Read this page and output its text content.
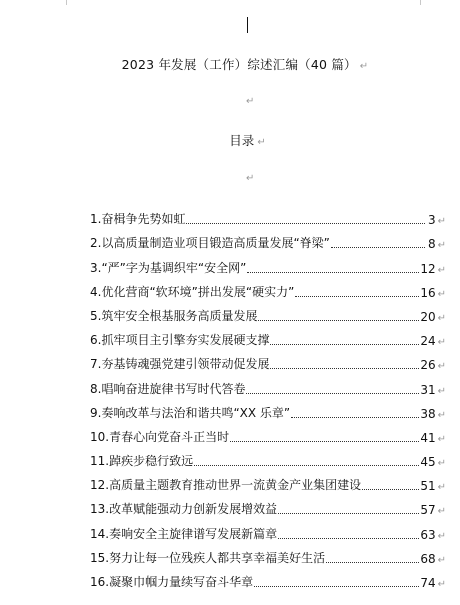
2023 年发展（工作）综述汇编（40 篇） ↵
↵
目录 ↵
↵
1.奋楫争先势如虹	3 ↵
2.以高质量制造业项目锻造高质量发展“脊梁”	8 ↵
3.“严”字为基调织牢“安全网”	12 ↵
4.优化营商“软环境”拼出发展“硬实力”	16 ↵
5.筑牢安全根基服务高质量发展	20 ↵
6.抓牢项目主引擎夯实发展硬支撑	24 ↵
7.夯基铸魂强党建引领带动促发展	26 ↵
8.唱响奋进旋律书写时代答卷	31 ↵
9.奏响改革与法治和谐共鸣“XX 乐章”	38 ↵
10.青春心向党奋斗正当时	41 ↵
11.踔疾步稳行致远	45 ↵
12.高质量主题教育推动世界一流黄金产业集团建设	51 ↵
13.改革赋能强动力创新发展增效益	57 ↵
14.奏响安全主旋律谱写发展新篇章	63 ↵
15.努力让每一位残疾人都共享幸福美好生活	68 ↵
16.凝聚巾帼力量续写奋斗华章	74 ↵
